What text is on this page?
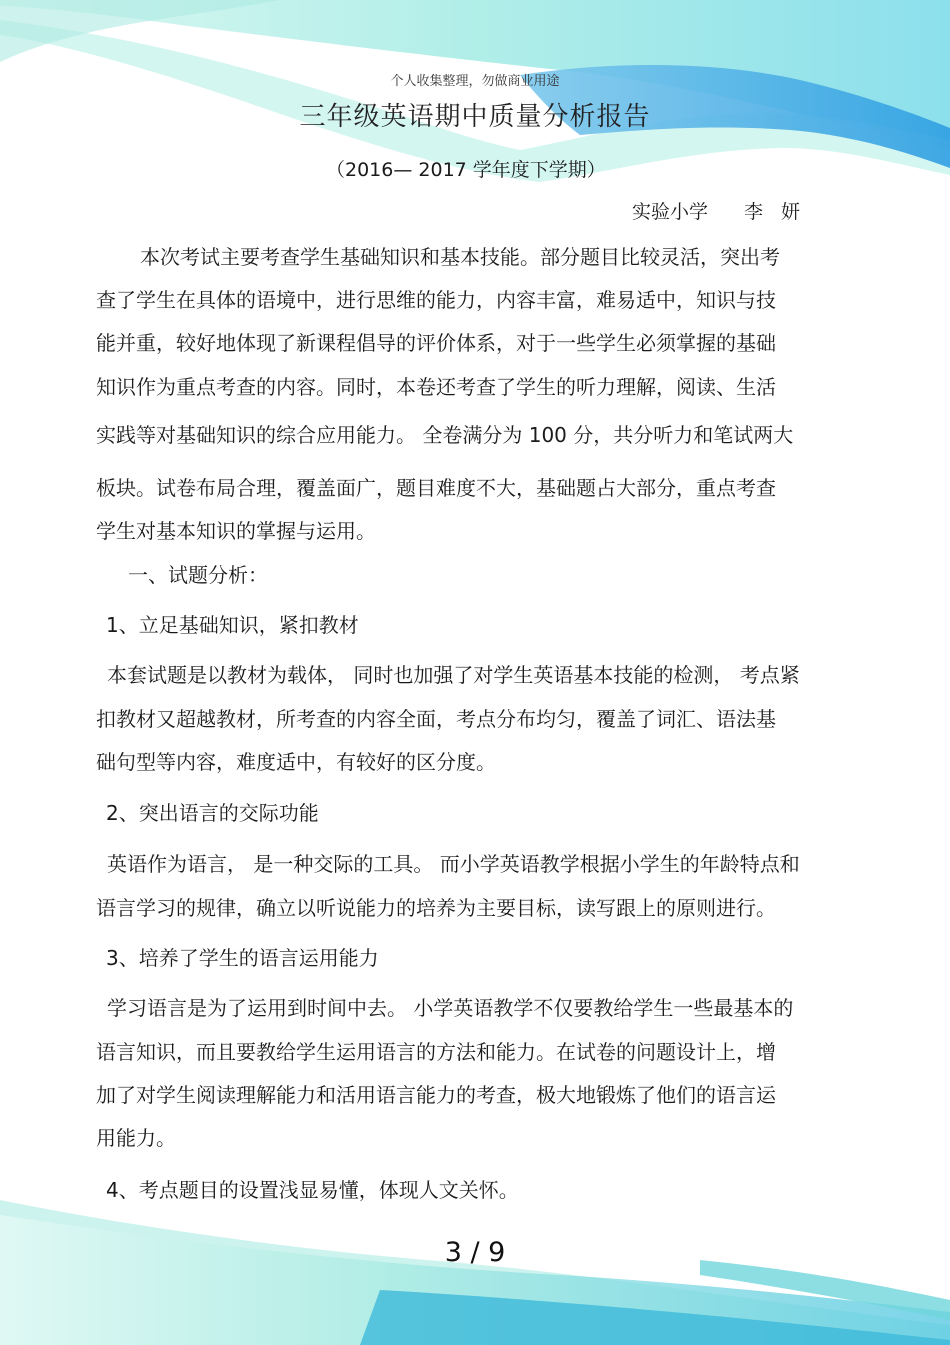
个人收集整理，勿做商业用途
三年级英语期中质量分析报告
（2016— 2017 学年度下学期）
实验小学 李 妍
本次考试主要考查学生基础知识和基本技能。部分题目比较灵活，突出考
查了学生在具体的语境中，进行思维的能力，内容丰富，难易适中，知识与技
能并重，较好地体现了新课程倡导的评价体系，对于一些学生必须掌握的基础
知识作为重点考查的内容。同时，本卷还考查了学生的听力理解，阅读、生活
实践等对基础知识的综合应用能力。 全卷满分为 100 分，共分听力和笔试两大
板块。试卷布局合理，覆盖面广，题目难度不大，基础题占大部分，重点考查
学生对基本知识的掌握与运用。
一、试题分析：
1、立足基础知识，紧扣教材
本套试题是以教材为载体， 同时也加强了对学生英语基本技能的检测， 考点紧
扣教材又超越教材，所考查的内容全面，考点分布均匀，覆盖了词汇、语法基
础句型等内容，难度适中，有较好的区分度。
2、突出语言的交际功能
英语作为语言， 是一种交际的工具。 而小学英语教学根据小学生的年龄特点和
语言学习的规律，确立以听说能力的培养为主要目标，读写跟上的原则进行。
3、培养了学生的语言运用能力
学习语言是为了运用到时间中去。 小学英语教学不仅要教给学生一些最基本的
语言知识，而且要教给学生运用语言的方法和能力。在试卷的问题设计上，增
加了对学生阅读理解能力和活用语言能力的考查，极大地锻炼了他们的语言运
用能力。
4、考点题目的设置浅显易懂，体现人文关怀。
3 / 9
